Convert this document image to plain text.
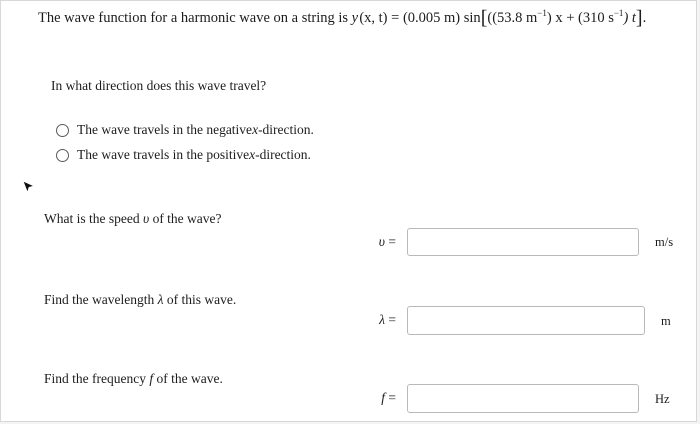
The wave function for a harmonic wave on a string is y (x, t) = (0.005 m) sin[((53.8 $m^{-1}$) x + (310 $s^{-1}$) t].
In what direction does this wave travel?
The wave travels in the negative x -direction.
The wave travels in the positive x -direction.
What is the speed υ of the wave?
υ =	m/s
Find the wavelength λ of this wave.
λ =	m
Find the frequency f of the wave.
f =	Hz
